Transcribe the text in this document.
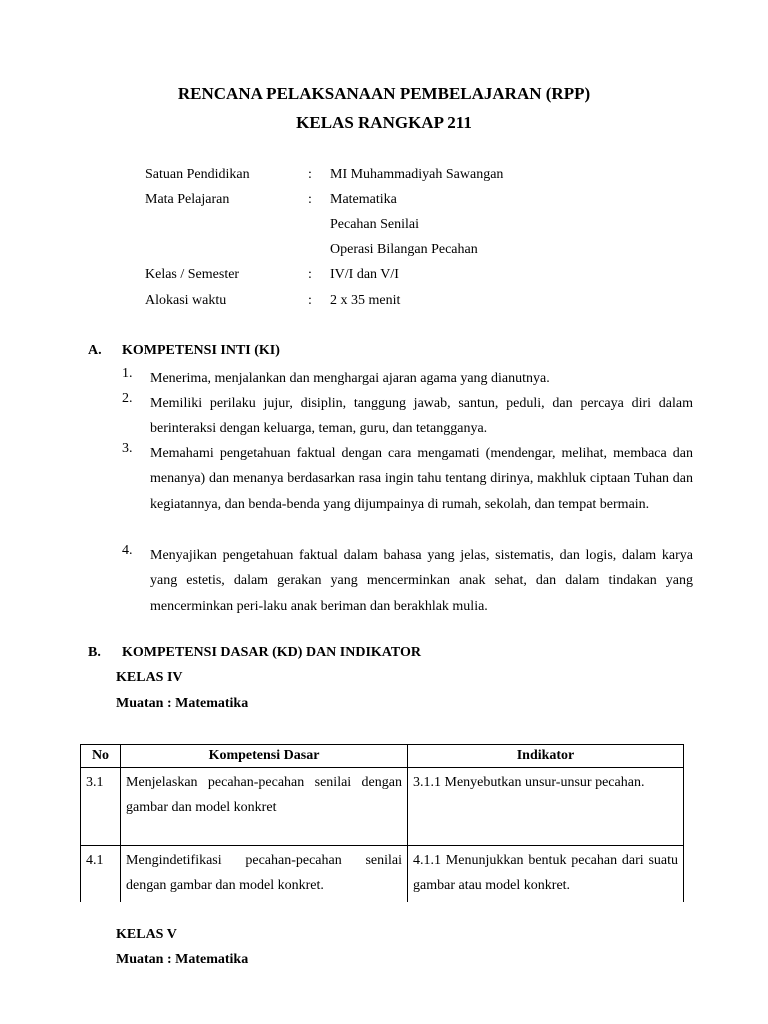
RENCANA PELAKSANAAN PEMBELAJARAN (RPP)
KELAS RANGKAP 211
Satuan Pendidikan	: MI Muhammadiyah Sawangan
Mata Pelajaran	: Matematika
Pecahan Senilai
Operasi Bilangan Pecahan
Kelas / Semester	: IV/I dan V/I
Alokasi waktu	: 2 x 35 menit
A. KOMPETENSI INTI (KI)
1. Menerima, menjalankan dan menghargai ajaran agama yang dianutnya.
2. Memiliki perilaku jujur, disiplin, tanggung jawab, santun, peduli, dan percaya diri dalam berinteraksi dengan keluarga, teman, guru, dan tetangganya.
3. Memahami pengetahuan faktual dengan cara mengamati (mendengar, melihat, membaca dan menanya) dan menanya berdasarkan rasa ingin tahu tentang dirinya, makhluk ciptaan Tuhan dan kegiatannya, dan benda-benda yang dijumpainya di rumah, sekolah, dan tempat bermain.
4. Menyajikan pengetahuan faktual dalam bahasa yang jelas, sistematis, dan logis, dalam karya yang estetis, dalam gerakan yang mencerminkan anak sehat, dan dalam tindakan yang mencerminkan peri-laku anak beriman dan berakhlak mulia.
B. KOMPETENSI DASAR (KD) DAN INDIKATOR
KELAS IV
Muatan : Matematika
No	Kompetensi Dasar	Indikator
3.1	Menjelaskan pecahan-pecahan senilai dengan gambar dan model konkret	3.1.1 Menyebutkan unsur-unsur pecahan.
4.1	Mengindetifikasi pecahan-pecahan senilai dengan gambar dan model konkret.	4.1.1 Menunjukkan bentuk pecahan dari suatu gambar atau model konkret.
KELAS V
Muatan : Matematika
